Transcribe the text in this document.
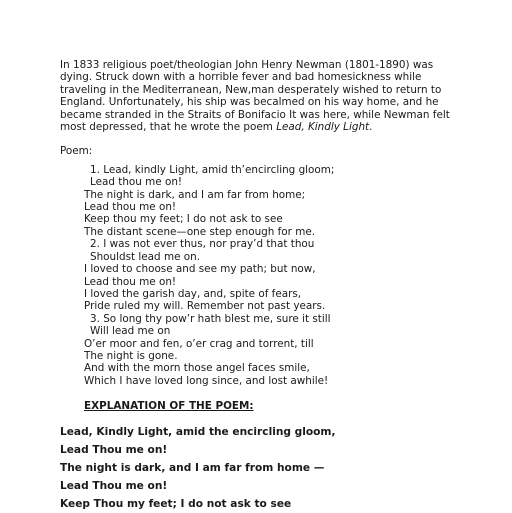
In 1833 religious poet/theologian John Henry Newman (1801-1890) was dying. Struck down with a horrible fever and bad homesickness while traveling in the Mediterranean, New,man desperately wished to return to England. Unfortunately, his ship was becalmed on his way home, and he became stranded in the Straits of Bonifacio It was here, while Newman felt most depressed, that he wrote the poem Lead, Kindly Light.

Poem:

1. Lead, kindly Light, amid th’encircling gloom;
Lead thou me on!
The night is dark, and I am far from home;
Lead thou me on!
Keep thou my feet; I do not ask to see
The distant scene—one step enough for me.
2. I was not ever thus, nor pray’d that thou
Shouldst lead me on.
I loved to choose and see my path; but now,
Lead thou me on!
I loved the garish day, and, spite of fears,
Pride ruled my will. Remember not past years.
3. So long thy pow’r hath blest me, sure it still
Will lead me on
O’er moor and fen, o’er crag and torrent, till
The night is gone.
And with the morn those angel faces smile,
Which I have loved long since, and lost awhile!
EXPLANATION OF THE POEM:
Lead, Kindly Light, amid the encircling gloom,
Lead Thou me on!
The night is dark, and I am far from home —
Lead Thou me on!
Keep Thou my feet; I do not ask to see
